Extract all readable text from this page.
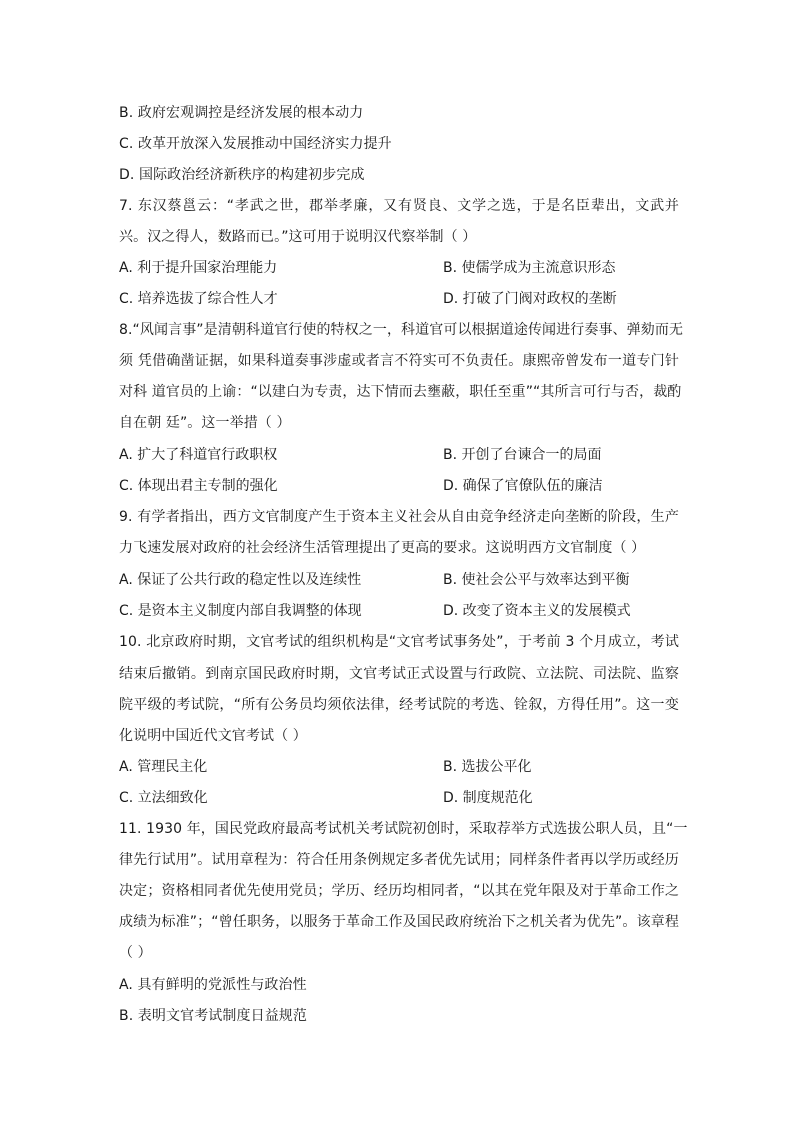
B. 政府宏观调控是经济发展的根本动力
C. 改革开放深入发展推动中国经济实力提升
D. 国际政治经济新秩序的构建初步完成
7. 东汉蔡邕云：“孝武之世，郡举孝廉，又有贤良、文学之选，于是名臣辈出，文武并
兴。汉之得人，数路而已。”这可用于说明汉代察举制（ ）
A. 利于提升国家治理能力	B. 使儒学成为主流意识形态
C. 培养选拔了综合性人才	D. 打破了门阀对政权的垄断
8.“风闻言事”是清朝科道官行使的特权之一，科道官可以根据道途传闻进行奏事、弹劾而无
须 凭借确凿证据，如果科道奏事涉虚或者言不符实可不负责任。康熙帝曾发布一道专门针
对科 道官员的上谕：“以建白为专责，达下情而去壅蔽，职任至重”“其所言可行与否，裁酌
自在朝 廷”。这一举措（ ）
A. 扩大了科道官行政职权	B. 开创了台谏合一的局面
C. 体现出君主专制的强化	D. 确保了官僚队伍的廉洁
9. 有学者指出，西方文官制度产生于资本主义社会从自由竞争经济走向垄断的阶段，生产
力飞速发展对政府的社会经济生活管理提出了更高的要求。这说明西方文官制度（ ）
A. 保证了公共行政的稳定性以及连续性	B. 使社会公平与效率达到平衡
C. 是资本主义制度内部自我调整的体现	D. 改变了资本主义的发展模式
10. 北京政府时期，文官考试的组织机构是“文官考试事务处”，于考前 3 个月成立，考试
结束后撤销。到南京国民政府时期，文官考试正式设置与行政院、立法院、司法院、监察
院平级的考试院，“所有公务员均须依法律，经考试院的考选、铨叙，方得任用”。这一变
化说明中国近代文官考试（ ）
A. 管理民主化	B. 选拔公平化
C. 立法细致化	D. 制度规范化
11. 1930 年，国民党政府最高考试机关考试院初创时，采取荐举方式选拔公职人员，且“一
律先行试用”。试用章程为：符合任用条例规定多者优先试用；同样条件者再以学历或经历
决定；资格相同者优先使用党员；学历、经历均相同者，“以其在党年限及对于革命工作之
成绩为标准”；“曾任职务，以服务于革命工作及国民政府统治下之机关者为优先”。该章程
（ ）
A. 具有鲜明的党派性与政治性
B. 表明文官考试制度日益规范
